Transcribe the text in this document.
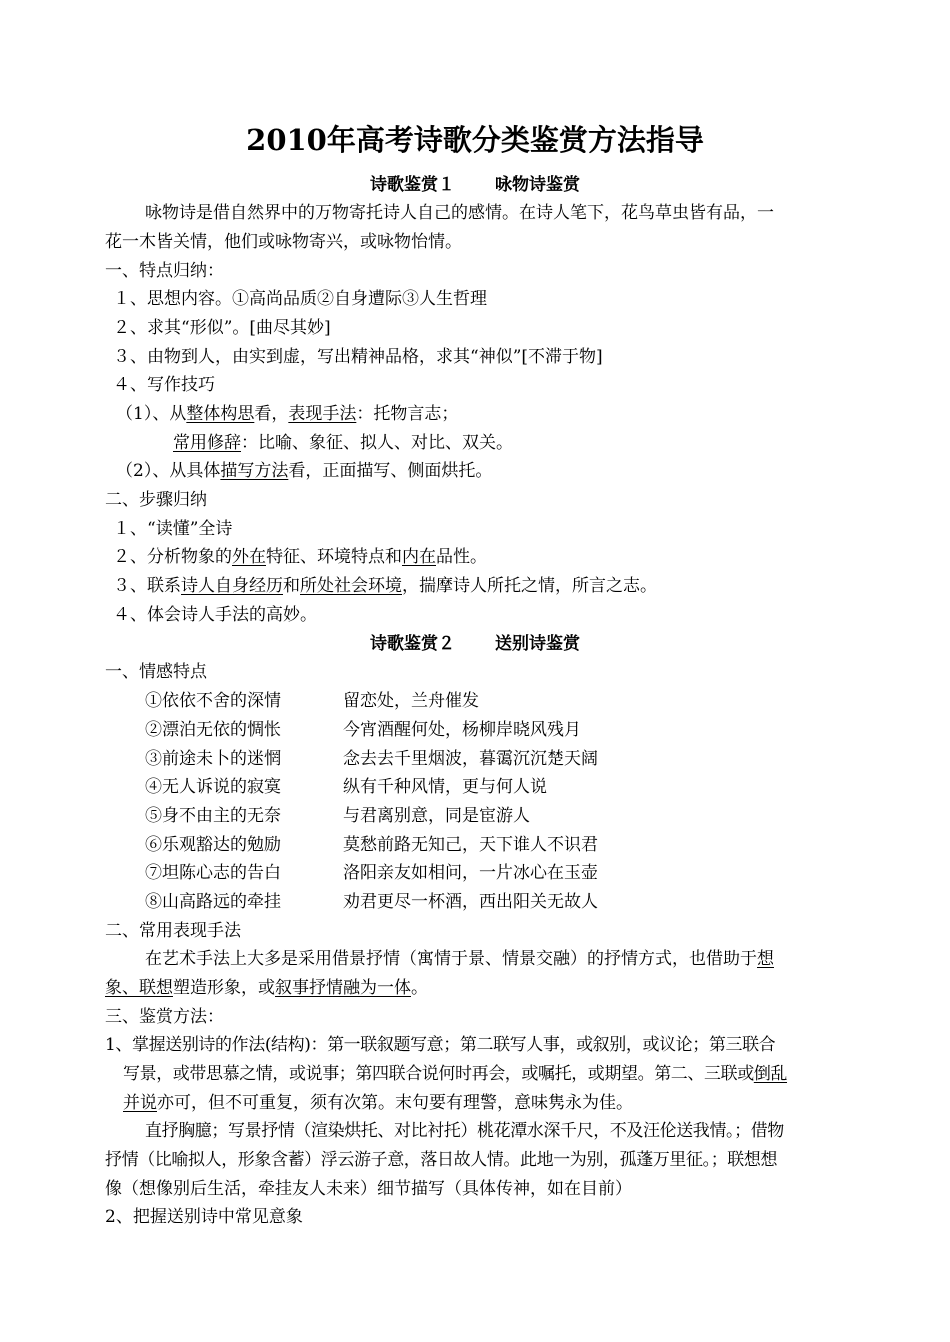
2010年高考诗歌分类鉴赏方法指导
诗歌鉴赏１ 咏物诗鉴赏
咏物诗是借自然界中的万物寄托诗人自己的感情。在诗人笔下，花鸟草虫皆有品，一
花一木皆关情，他们或咏物寄兴，或咏物怡情。
一、特点归纳：
１、思想内容。①高尚品质②自身遭际③人生哲理
２、求其“形似”。[曲尽其妙]
３、由物到人，由实到虚，写出精神品格，求其“神似”[不滞于物]
４、写作技巧
（1）、从整体构思看，表现手法：托物言志；
常用修辞：比喻、象征、拟人、对比、双关。
（2）、从具体描写方法看，正面描写、侧面烘托。
二、步骤归纳
１、“读懂”全诗
２、分析物象的外在特征、环境特点和内在品性。
３、联系诗人自身经历和所处社会环境，揣摩诗人所托之情，所言之志。
４、体会诗人手法的高妙。
诗歌鉴赏２ 送别诗鉴赏
一、情感特点
①依依不舍的深情	留恋处，兰舟催发
②漂泊无依的惆怅	今宵酒醒何处，杨柳岸晓风残月
③前途未卜的迷惘	念去去千里烟波，暮霭沉沉楚天阔
④无人诉说的寂寞	纵有千种风情，更与何人说
⑤身不由主的无奈	与君离别意，同是宦游人
⑥乐观豁达的勉励	莫愁前路无知己，天下谁人不识君
⑦坦陈心志的告白	洛阳亲友如相问，一片冰心在玉壶
⑧山高路远的牵挂	劝君更尽一杯酒，西出阳关无故人
二、常用表现手法
在艺术手法上大多是采用借景抒情（寓情于景、情景交融）的抒情方式，也借助于想
象、联想塑造形象，或叙事抒情融为一体。
三、鉴赏方法：
1、掌握送别诗的作法(结构)：第一联叙题写意；第二联写人事，或叙别，或议论；第三联合
写景，或带思慕之情，或说事；第四联合说何时再会，或嘱托，或期望。第二、三联或倒乱
并说亦可，但不可重复，须有次第。末句要有理警，意味隽永为佳。
直抒胸臆；写景抒情（渲染烘托、对比衬托）桃花潭水深千尺，不及汪伦送我情。；借物
抒情（比喻拟人，形象含蓄）浮云游子意，落日故人情。此地一为别，孤蓬万里征。；联想想
像（想像别后生活，牵挂友人未来）细节描写（具体传神，如在目前）
2、把握送别诗中常见意象
